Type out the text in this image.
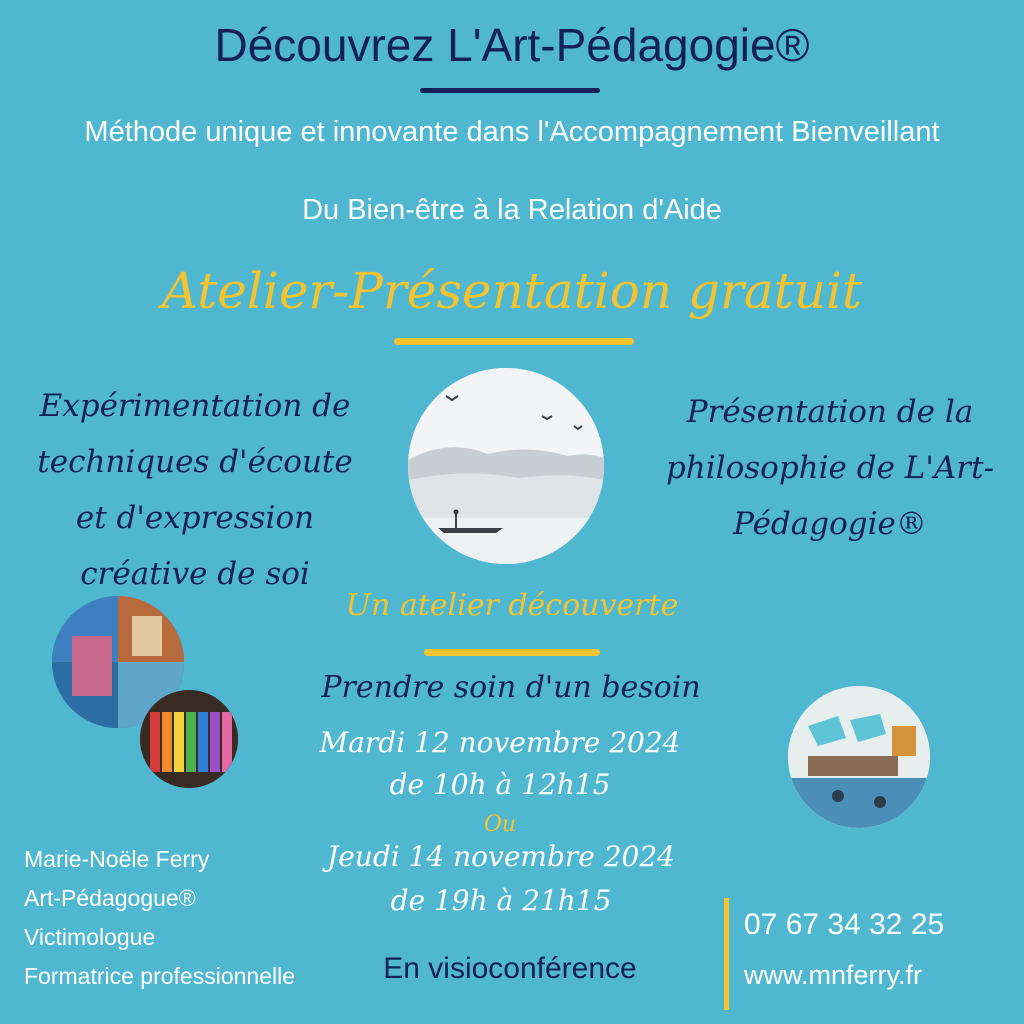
Découvrez L'Art-Pédagogie®
Méthode unique et innovante dans l'Accompagnement Bienveillant
Du Bien-être à la Relation d'Aide
Atelier-Présentation gratuit
Expérimentation de techniques d'écoute et d'expression créative de soi
Présentation de la philosophie de L'Art-Pédagogie®
Un atelier découverte
Prendre soin d'un besoin
Mardi 12 novembre 2024
de 10h à 12h15
Ou
Jeudi 14 novembre 2024
de 19h à 21h15
En visioconférence
Marie-Noële Ferry
Art-Pédagogue®
Victimologue
Formatrice professionnelle
07 67 34 32 25
www.mnferry.fr
